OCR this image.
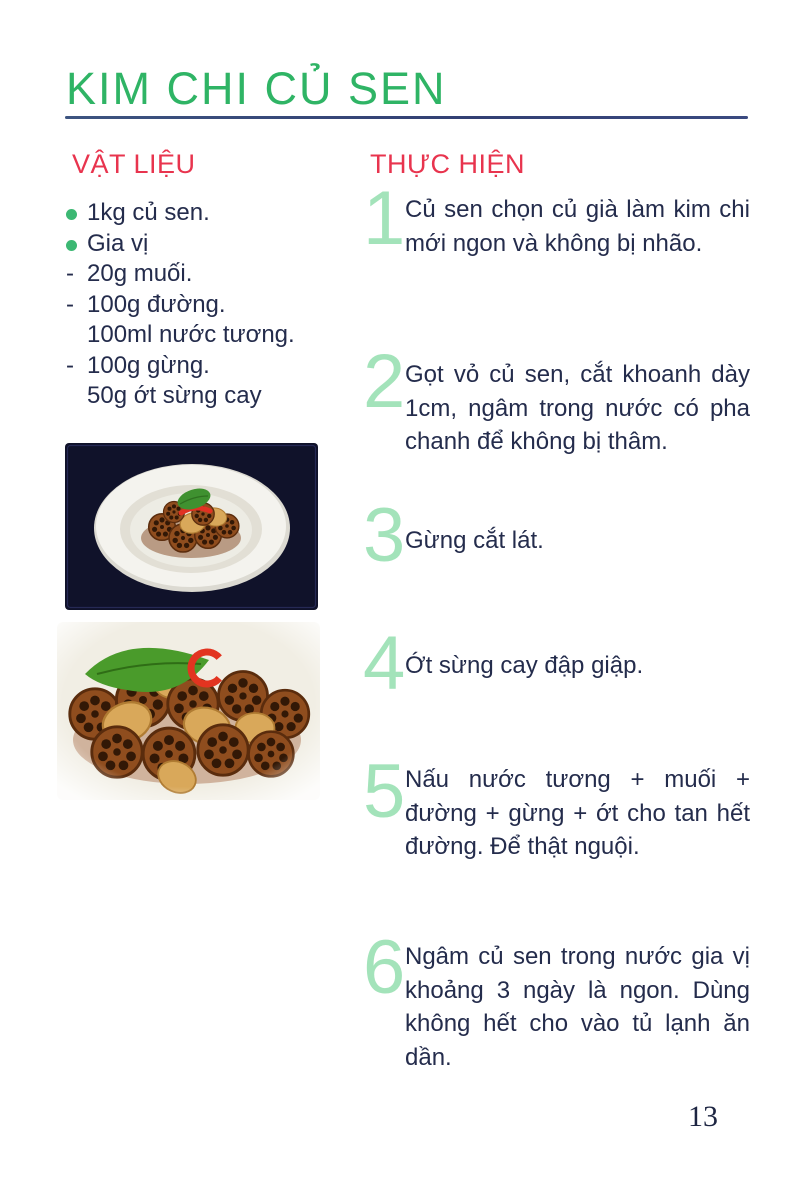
KIM CHI CỦ SEN
VẬT LIỆU	THỰC HIỆN
1kg củ sen.
Gia vị
- 20g muối.
- 100g đường.
100ml nước tương.
- 100g gừng.
50g ớt sừng cay
1 Củ sen chọn củ già làm kim chi mới ngon và không bị nhão.

2 Gọt vỏ củ sen, cắt khoanh dày 1cm, ngâm trong nước có pha chanh để không bị thâm.

3 Gừng cắt lát.

4 Ớt sừng cay đập giập.

5 Nấu nước tương + muối + đường + gừng + ớt cho tan hết đường. Để thật nguội.

6 Ngâm củ sen trong nước gia vị khoảng 3 ngày là ngon. Dùng không hết cho vào tủ lạnh ăn dần.

13
